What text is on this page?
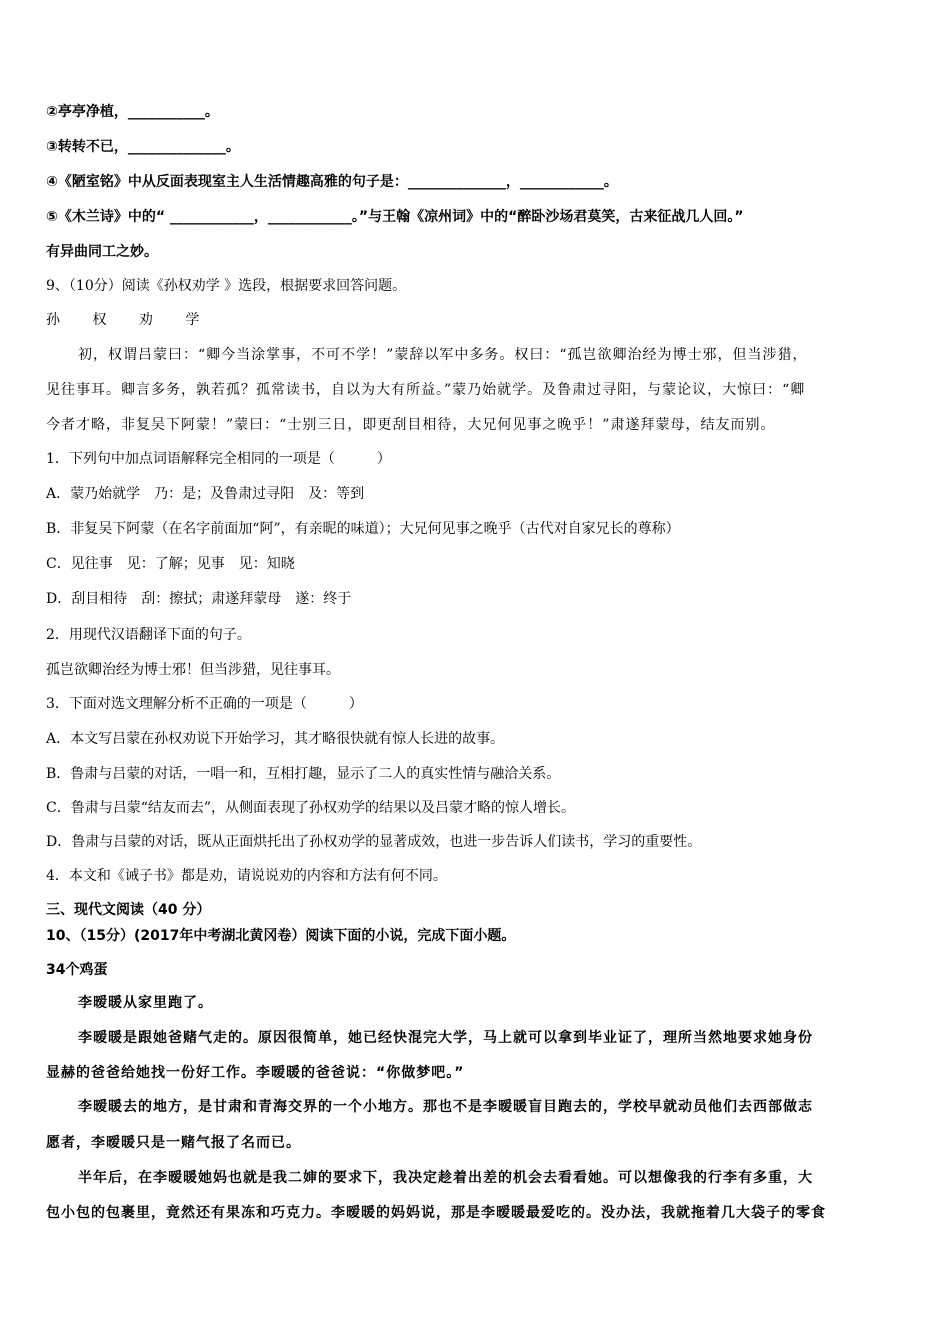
②亭亭净植，___________。
③转转不已，______________。
④《陋室铭》中从反面表现室主人生活情趣高雅的句子是：______________，____________。
⑤《木兰诗》中的“ ____________，____________。”与王翰《凉州词》中的“醉卧沙场君莫笑，古来征战几人回。”
有异曲同工之妙。
9、（10分）阅读《孙权劝学 》选段，根据要求回答问题。
孙 权 劝 学
初，权谓吕蒙曰：“卿今当涂掌事，不可不学！”蒙辞以军中多务。权曰：“孤岂欲卿治经为博士邪，但当涉猎，
见往事耳。卿言多务，孰若孤？孤常读书，自以为大有所益。”蒙乃始就学。及鲁肃过寻阳，与蒙论议，大惊曰：“卿
今者才略，非复吴下阿蒙！”蒙曰：“士别三日，即更刮目相待，大兄何见事之晚乎！”肃遂拜蒙母，结友而别。
1．下列句中加点词语解释完全相同的一项是（　　　）
A．蒙乃始就学　乃：是；及鲁肃过寻阳　及：等到
B．非复吴下阿蒙（在名字前面加“阿”，有亲昵的味道）；大兄何见事之晚乎（古代对自家兄长的尊称）
C．见往事　见：了解；见事　见：知晓
D．刮目相待　刮：擦拭；肃遂拜蒙母　遂：终于
2．用现代汉语翻译下面的句子。
孤岂欲卿治经为博士邪！但当涉猎，见往事耳。
3．下面对选文理解分析不正确的一项是（　　　）
A．本文写吕蒙在孙权劝说下开始学习，其才略很快就有惊人长进的故事。
B．鲁肃与吕蒙的对话，一唱一和，互相打趣，显示了二人的真实性情与融洽关系。
C．鲁肃与吕蒙“结友而去”，从侧面表现了孙权劝学的结果以及吕蒙才略的惊人增长。
D．鲁肃与吕蒙的对话，既从正面烘托出了孙权劝学的显著成效，也进一步告诉人们读书，学习的重要性。
4．本文和《诫子书》都是劝，请说说劝的内容和方法有何不同。
三、现代文阅读（40 分）
10、（15分）(2017年中考湖北黄冈卷）阅读下面的小说，完成下面小题。
34个鸡蛋
李暧暖从家里跑了。
李暧暖是跟她爸赌气走的。原因很简单，她已经快混完大学，马上就可以拿到毕业证了，理所当然地要求她身份
显赫的爸爸给她找一份好工作。李暧暖的爸爸说：“你做梦吧。”
李暧暖去的地方，是甘肃和青海交界的一个小地方。那也不是李暧暖盲目跑去的，学校早就动员他们去西部做志
愿者，李暧暖只是一赌气报了名而已。
半年后，在李暧暖她妈也就是我二婶的要求下，我决定趁着出差的机会去看看她。可以想像我的行李有多重，大
包小包的包裹里，竟然还有果冻和巧克力。李暧暖的妈妈说，那是李暧暖最爱吃的。没办法，我就拖着几大袋子的零食
